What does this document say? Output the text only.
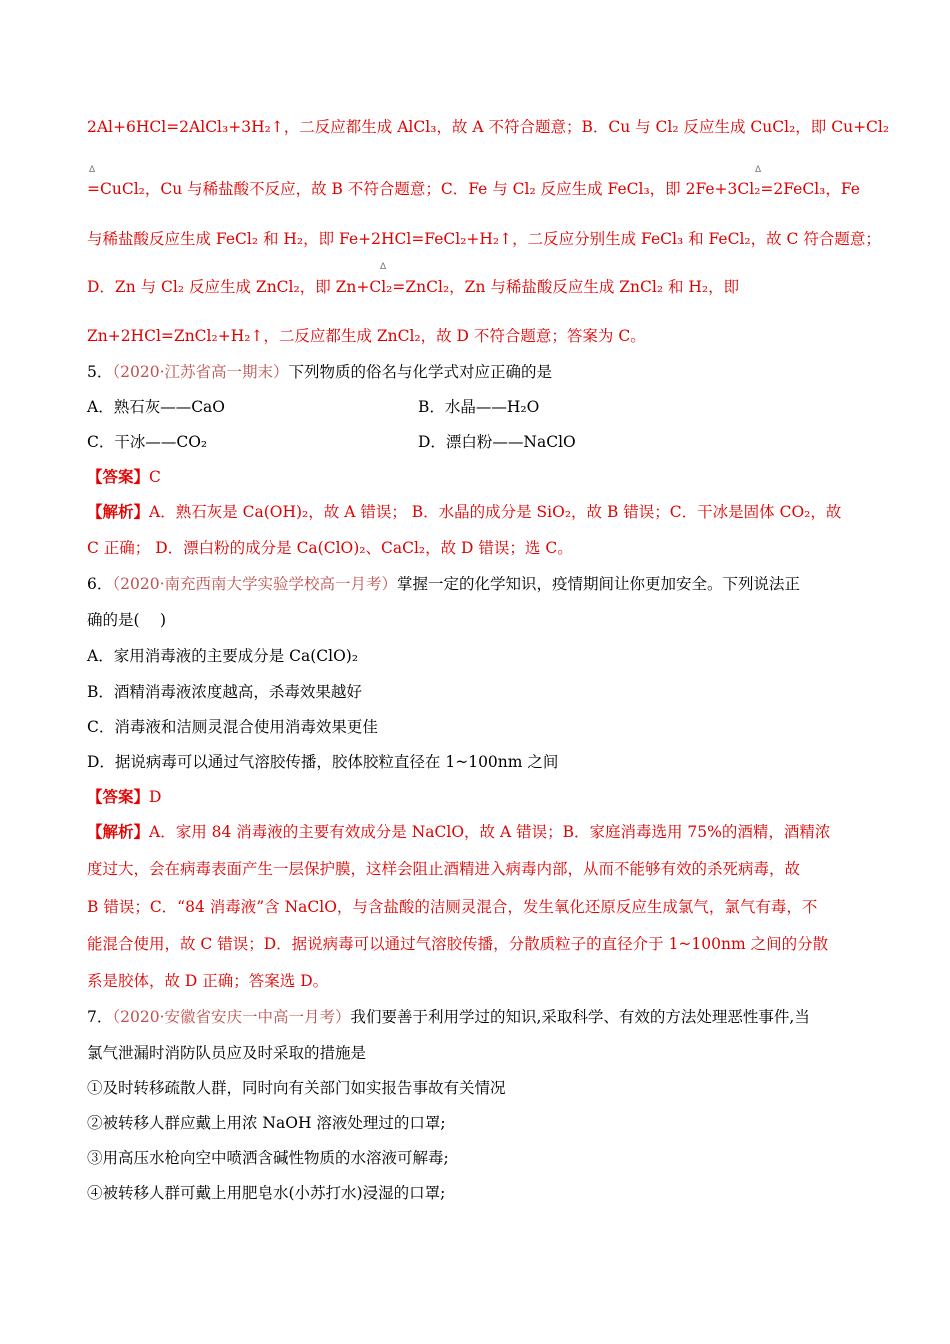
2Al+6HCl=2AlCl₃+3H₂↑，二反应都生成 AlCl₃，故 A 不符合题意；B．Cu 与 Cl₂ 反应生成 CuCl₂，即 Cu+Cl₂
Δ	Δ
=CuCl₂，Cu 与稀盐酸不反应，故 B 不符合题意；C．Fe 与 Cl₂ 反应生成 FeCl₃，即 2Fe+3Cl₂=2FeCl₃，Fe
与稀盐酸反应生成 FeCl₂ 和 H₂，即 Fe+2HCl=FeCl₂+H₂↑，二反应分别生成 FeCl₃ 和 FeCl₂，故 C 符合题意；
Δ
D．Zn 与 Cl₂ 反应生成 ZnCl₂，即 Zn+Cl₂=ZnCl₂，Zn 与稀盐酸反应生成 ZnCl₂ 和 H₂，即
Zn+2HCl=ZnCl₂+H₂↑，二反应都生成 ZnCl₂，故 D 不符合题意；答案为 C。
5．（2020·江苏省高一期末）下列物质的俗名与化学式对应正确的是
A．熟石灰——CaO	B．水晶——H₂O
C．干冰——CO₂	D．漂白粉——NaClO
【答案】C
【解析】A．熟石灰是 Ca(OH)₂，故 A 错误； B．水晶的成分是 SiO₂，故 B 错误；C．干冰是固体 CO₂，故
C 正确； D．漂白粉的成分是 Ca(ClO)₂、CaCl₂，故 D 错误；选 C。
6．（2020·南充西南大学实验学校高一月考）掌握一定的化学知识，疫情期间让你更加安全。下列说法正
确的是(　 )
A．家用消毒液的主要成分是 Ca(ClO)₂
B．酒精消毒液浓度越高，杀毒效果越好
C．消毒液和洁厕灵混合使用消毒效果更佳
D．据说病毒可以通过气溶胶传播，胶体胶粒直径在 1~100nm 之间
【答案】D
【解析】A．家用 84 消毒液的主要有效成分是 NaClO，故 A 错误；B．家庭消毒选用 75%的酒精，酒精浓
度过大，会在病毒表面产生一层保护膜，这样会阻止酒精进入病毒内部，从而不能够有效的杀死病毒，故
B 错误；C．“84 消毒液”含 NaClO，与含盐酸的洁厕灵混合，发生氧化还原反应生成氯气，氯气有毒，不
能混合使用，故 C 错误；D．据说病毒可以通过气溶胶传播，分散质粒子的直径介于 1~100nm 之间的分散
系是胶体，故 D 正确；答案选 D。
7．（2020·安徽省安庆一中高一月考）我们要善于利用学过的知识,采取科学、有效的方法处理恶性事件,当
氯气泄漏时消防队员应及时采取的措施是
①及时转移疏散人群，同时向有关部门如实报告事故有关情况
②被转移人群应戴上用浓 NaOH 溶液处理过的口罩;
③用高压水枪向空中喷洒含碱性物质的水溶液可解毒;
④被转移人群可戴上用肥皂水(小苏打水)浸湿的口罩;
